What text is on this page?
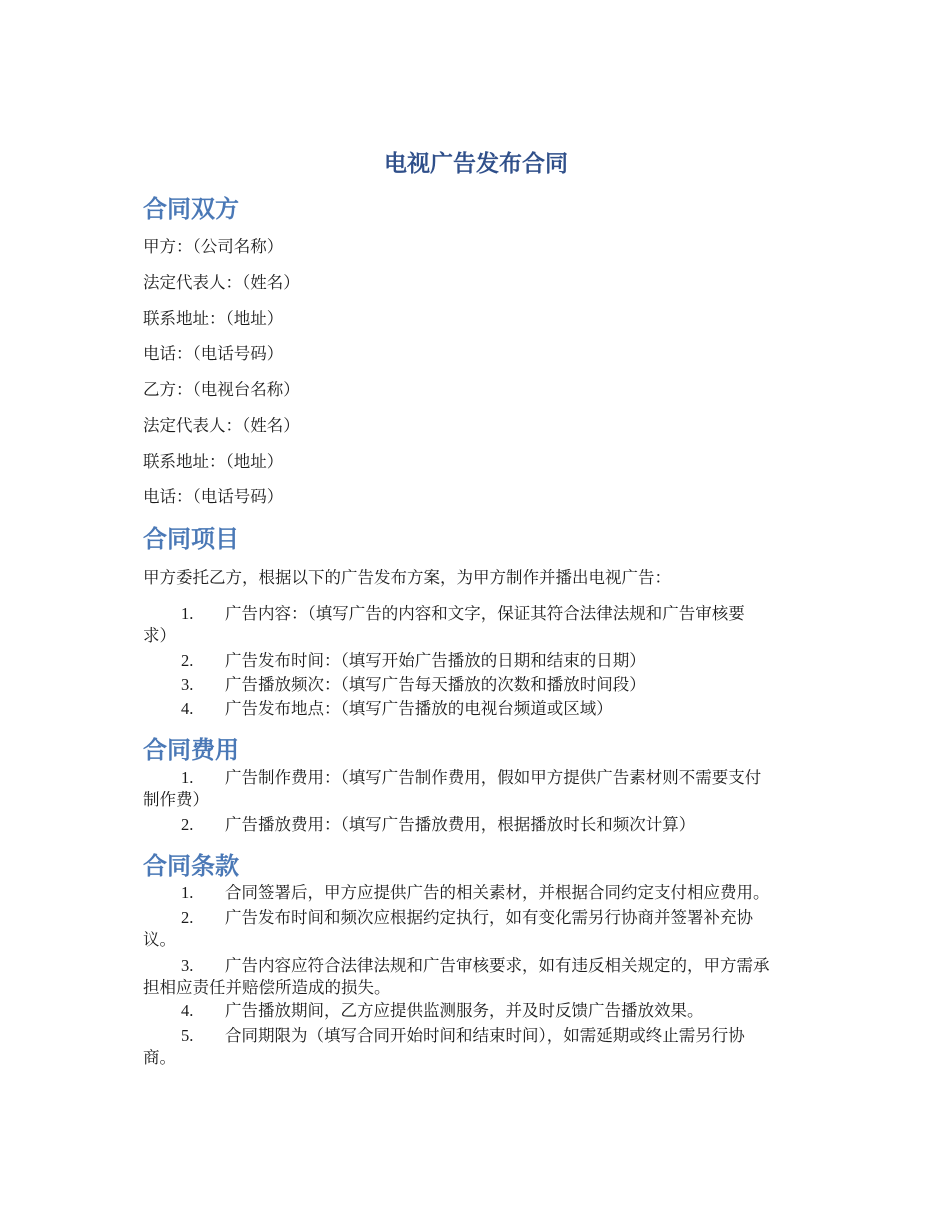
电视广告发布合同
合同双方

甲方：（公司名称）

法定代表人：（姓名）

联系地址：（地址）

电话：（电话号码）

乙方：（电视台名称）

法定代表人：（姓名）

联系地址：（地址）

电话：（电话号码）

合同项目

甲方委托乙方，根据以下的广告发布方案，为甲方制作并播出电视广告：

1.	广告内容：（填写广告的内容和文字，保证其符合法律法规和广告审核要
求）
2.	广告发布时间：（填写开始广告播放的日期和结束的日期）
3.	广告播放频次：（填写广告每天播放的次数和播放时间段）
4.	广告发布地点：（填写广告播放的电视台频道或区域）
合同费用
1.	广告制作费用：（填写广告制作费用，假如甲方提供广告素材则不需要支付
制作费）
2.	广告播放费用：（填写广告播放费用，根据播放时长和频次计算）
合同条款
1.	合同签署后，甲方应提供广告的相关素材，并根据合同约定支付相应费用。
2.	广告发布时间和频次应根据约定执行，如有变化需另行协商并签署补充协
议。
3.	广告内容应符合法律法规和广告审核要求，如有违反相关规定的，甲方需承
担相应责任并赔偿所造成的损失。
4.	广告播放期间，乙方应提供监测服务，并及时反馈广告播放效果。
5.	合同期限为（填写合同开始时间和结束时间），如需延期或终止需另行协
商。
